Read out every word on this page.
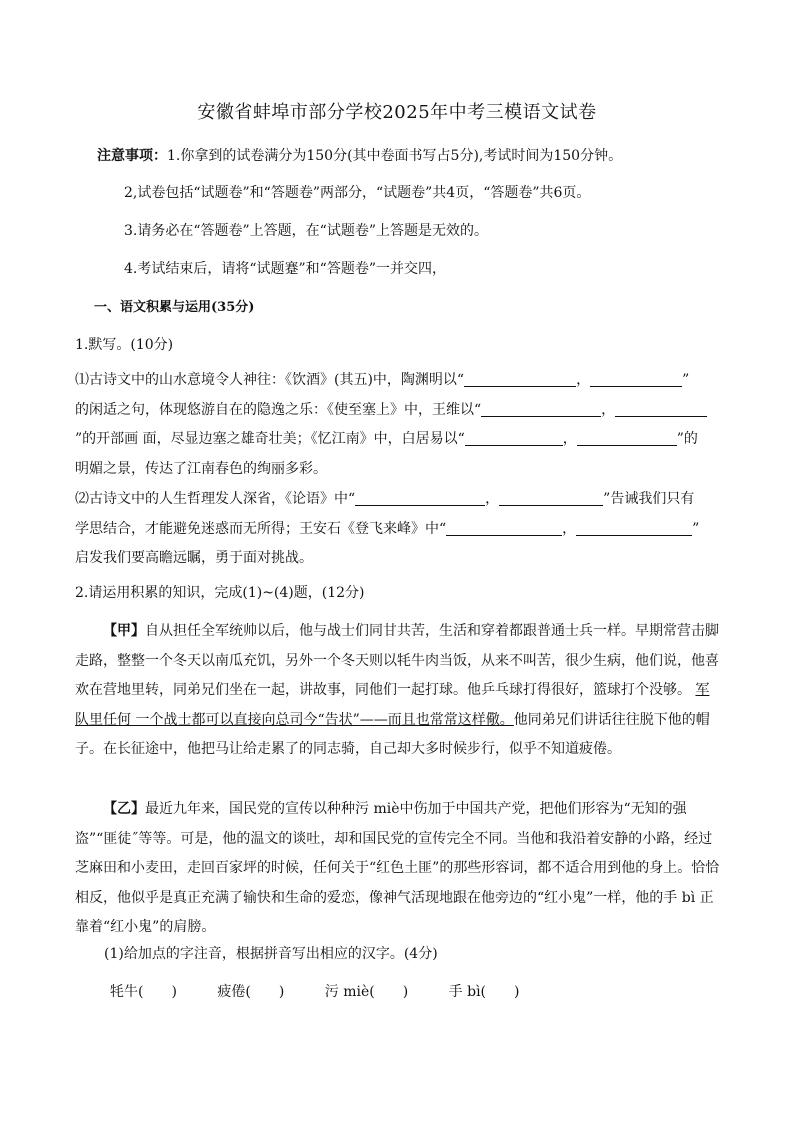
安徽省蚌埠市部分学校2025年中考三模语文试卷
注意事项：1.你拿到的试卷满分为150分(其中卷面书写占5分),考试时间为150分钟。
2,试卷包括“试题卷”和“答题卷”两部分，“试题卷”共4页，“答题卷”共6页。
3.请务必在“答题卷”上答题，在“试题卷”上答题是无效的。
4.考试结束后，请将“试题蹇”和“答题卷”一并交四，
一、语文积累与运用(35分)
1.默写。(10分)
⑴古诗文中的山水意境令人神往：《饮酒》(其五)中，陶渊明以“	，	”
的闲适之句，体现悠游自在的隐逸之乐：《使至塞上》中，王维以“	，
”的开部画 面，尽显边塞之雄奇壮美；《忆江南》中，白居易以“	，	”的
明媚之景，传达了江南春色的绚丽多彩。
⑵古诗文中的人生哲理发人深省，《论语》中“	，	”告诫我们只有
学思结合，才能避免迷惑而无所得；王安石《登飞来峰》中“	，	”
启发我们要高瞻远瞩，勇于面对挑战。
2.请运用积累的知识，完成(1)~(4)题，(12分)
【甲】自从担任全军统帅以后，他与战士们同甘共苦，生活和穿着都跟普通士兵一样。早期常营击脚走路，整整一个冬天以南瓜充饥，另外一个冬天则以牦牛肉当饭，从来不叫苦，很少生病，他们说，他喜欢在营地里转，同弟兄们坐在一起，讲故事，同他们一起打球。他乒乓球打得很好，篮球打个没够。 军队里任何 一个战士都可以直接向总司今“告状”——而且也常常这样儆。他同弟兄们讲话往往脱下他的帽子。在长征途中，他把马让给走累了的同志骑，自己却大多时候步行，似乎不知道疲倦。
【乙】最近九年来，国民党的宣传以种种污 miè中伤加于中国共产党，把他们形容为“无知的强盗”“匪徒˝等等。可是，他的温文的谈吐，却和国民党的宣传完全不同。当他和我沿着安静的小路，经过芝麻田和小麦田，走回百家坪的时候，任何关于“红色土匪”的那些形容词，都不适合用到他的身上。恰恰相反，他似乎是真正充满了输快和生命的爱恋，像神气活现地跟在他旁边的“红小鬼”一样，他的手 bì 正靠着“红小鬼”的肩膀。
(1)给加点的字注音，根据拼音写出相应的汉字。(4分)
牦牛(　　)	疲倦(　　)	污 miè(　　)	手 bì(　　)
